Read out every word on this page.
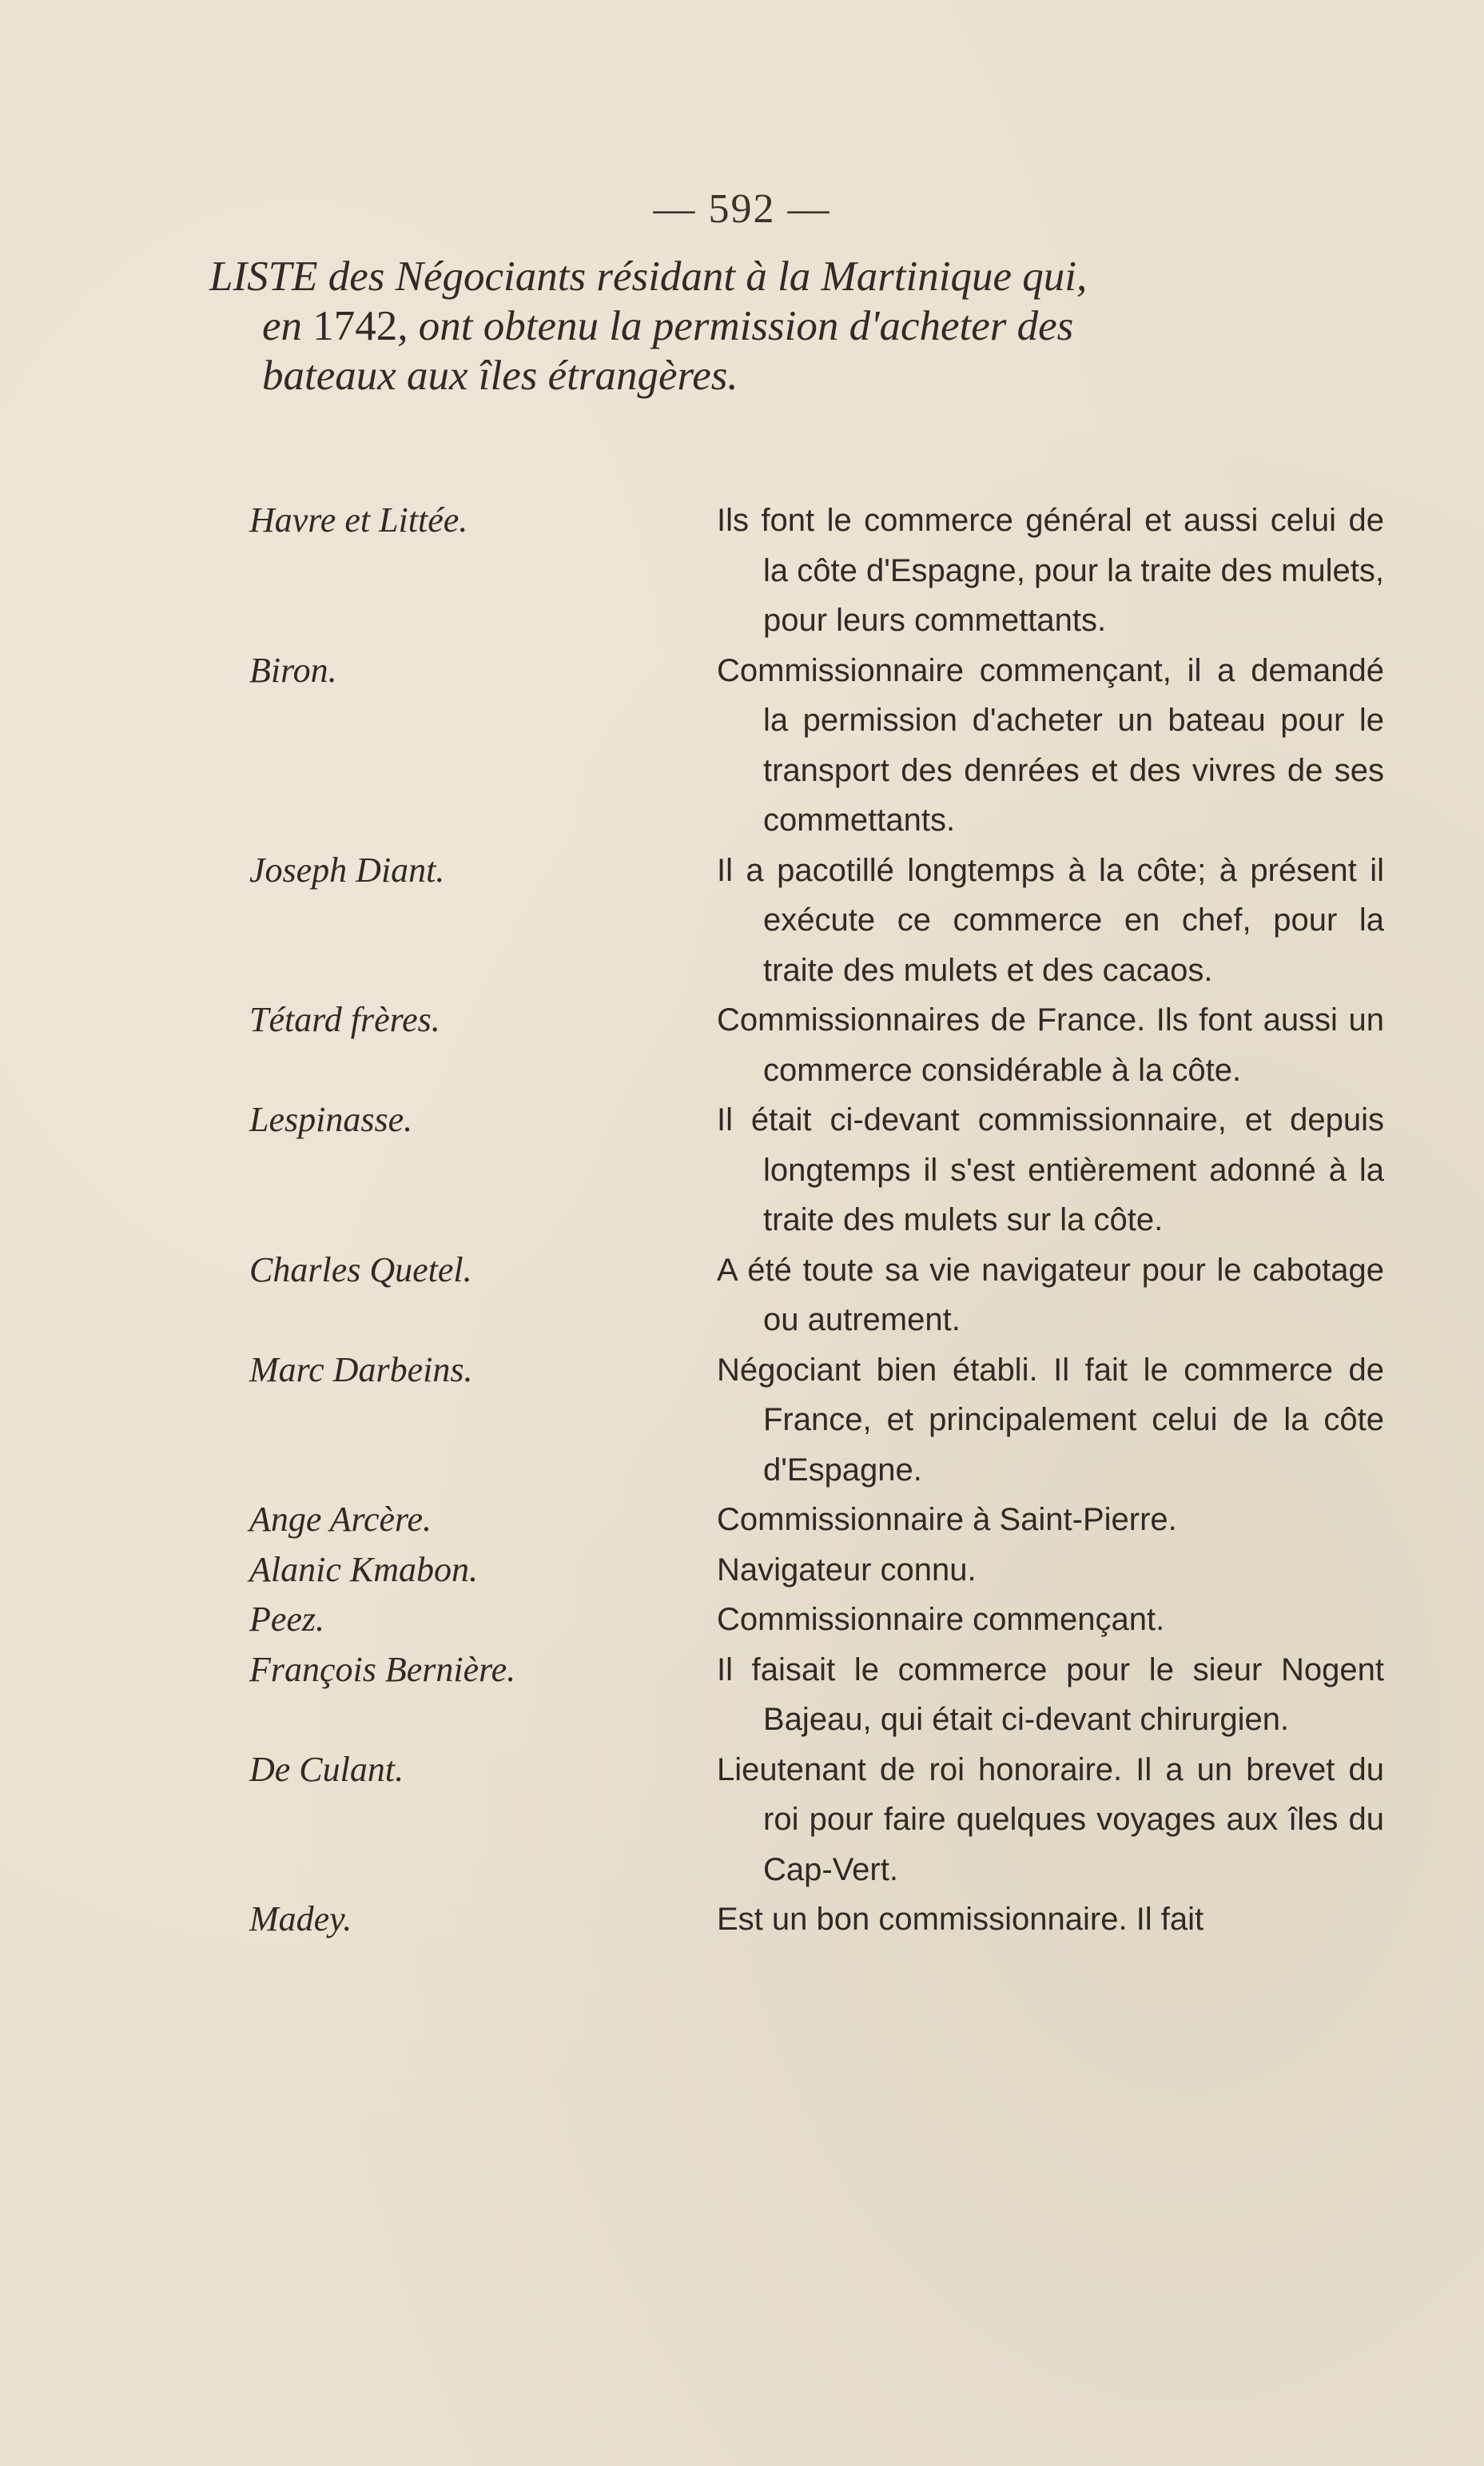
— 592 —
LISTE des Négociants résidant à la Martinique qui,
en 1742, ont obtenu la permission d'acheter des
bateaux aux îles étrangères.
Havre et Littée.	Ils font le commerce général et aussi celui de la côte d'Espagne, pour la traite des mulets, pour leurs commettants.
Biron.	Commissionnaire commençant, il a demandé la permission d'acheter un bateau pour le transport des denrées et des vivres de ses commettants.
Joseph Diant.	Il a pacotillé longtemps à la côte; à présent il exécute ce commerce en chef, pour la traite des mulets et des cacaos.
Tétard frères.	Commissionnaires de France. Ils font aussi un commerce considérable à la côte.
Lespinasse.	Il était ci-devant commissionnaire, et depuis longtemps il s'est entièrement adonné à la traite des mulets sur la côte.
Charles Quetel.	A été toute sa vie navigateur pour le cabotage ou autrement.
Marc Darbeins.	Négociant bien établi. Il fait le commerce de France, et principalement celui de la côte d'Espagne.
Ange Arcère.	Commissionnaire à Saint-Pierre.
Alanic Kmabon.	Navigateur connu.
Peez.	Commissionnaire commençant.
François Bernière.	Il faisait le commerce pour le sieur Nogent Bajeau, qui était ci-devant chirurgien.
De Culant.	Lieutenant de roi honoraire. Il a un brevet du roi pour faire quelques voyages aux îles du Cap-Vert.
Madey.	Est un bon commissionnaire. Il fait
